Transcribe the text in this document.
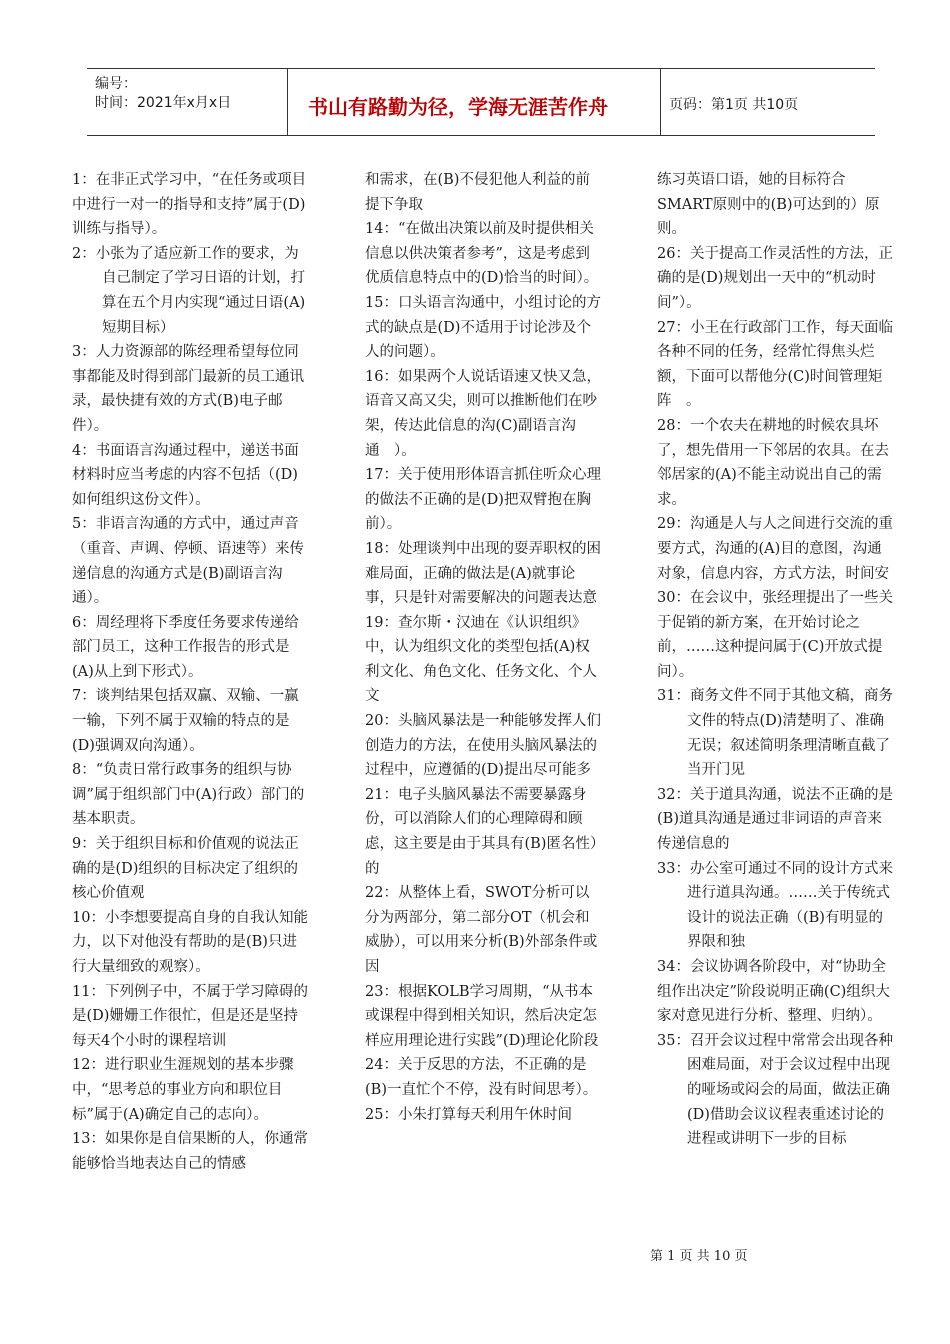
编号：
时间：2021年x月x日	书山有路勤为径，学海无涯苦作舟	页码：第1页 共10页

1：在非正式学习中，“在任务或项目中进行一对一的指导和支持”属于(D)训练与指导）。

2：小张为了适应新工作的要求，为自己制定了学习日语的计划，打算在五个月内实现“通过日语(A)短期目标）

3：人力资源部的陈经理希望每位同事都能及时得到部门最新的员工通讯录，最快捷有效的方式(B)电子邮件）。

4：书面语言沟通过程中，递送书面材料时应当考虑的内容不包括（(D)如何组织这份文件）。

5：非语言沟通的方式中，通过声音（重音、声调、停顿、语速等）来传递信息的沟通方式是(B)副语言沟通）。

6：周经理将下季度任务要求传递给部门员工，这种工作报告的形式是(A)从上到下形式）。

7：谈判结果包括双赢、双输、一赢一输，下列不属于双输的特点的是(D)强调双向沟通）。

8：“负责日常行政事务的组织与协调”属于组织部门中(A)行政）部门的基本职责。

9：关于组织目标和价值观的说法正确的是(D)组织的目标决定了组织的核心价值观

10：小李想要提高自身的自我认知能力，以下对他没有帮助的是(B)只进行大量细致的观察）。

11：下列例子中，不属于学习障碍的是(D)姗姗工作很忙，但是还是坚持每天4个小时的课程培训

12：进行职业生涯规划的基本步骤中，“思考总的事业方向和职位目标”属于(A)确定自己的志向）。

13：如果你是自信果断的人，你通常能够恰当地表达自己的情感

和需求，在(B)不侵犯他人利益的前提下争取

14：“在做出决策以前及时提供相关信息以供决策者参考”，这是考虑到优质信息特点中的(D)恰当的时间）。

15：口头语言沟通中，小组讨论的方式的缺点是(D)不适用于讨论涉及个人的问题）。

16：如果两个人说话语速又快又急，语音又高又尖，则可以推断他们在吵架，传达此信息的沟(C)副语言沟通　）。

17：关于使用形体语言抓住听众心理的做法不正确的是(D)把双臂抱在胸前）。

18：处理谈判中出现的耍弄职权的困难局面，正确的做法是(A)就事论事，只是针对需要解决的问题表达意

19：查尔斯・汉迪在《认识组织》中，认为组织文化的类型包括(A)权利文化、角色文化、任务文化、个人文

20：头脑风暴法是一种能够发挥人们创造力的方法，在使用头脑风暴法的过程中，应遵循的(D)提出尽可能多21：电子头脑风暴法不需要暴露身份，可以消除人们的心理障碍和顾虑，这主要是由于其具有(B)匿名性）的

22：从整体上看，SWOT分析可以分为两部分，第二部分OT（机会和威胁），可以用来分析(B)外部条件或因

23：根据KOLB学习周期，“从书本或课程中得到相关知识，然后决定怎样应用理论进行实践”(D)理论化阶段

24：关于反思的方法，不正确的是(B)一直忙个不停，没有时间思考）。

25：小朱打算每天利用午休时间

练习英语口语，她的目标符合SMART原则中的(B)可达到的）原则。

26：关于提高工作灵活性的方法，正确的是(D)规划出一天中的“机动时间”）。

27：小王在行政部门工作，每天面临各种不同的任务，经常忙得焦头烂额，下面可以帮他分(C)时间管理矩阵　。

28：一个农夫在耕地的时候农具坏了，想先借用一下邻居的农具。在去邻居家的(A)不能主动说出自己的需求。

29：沟通是人与人之间进行交流的重要方式，沟通的(A)目的意图，沟通对象，信息内容，方式方法，时间安

30：在会议中，张经理提出了一些关于促销的新方案，在开始讨论之前，……这种提问属于(C)开放式提问）。

31：商务文件不同于其他文稿，商务文件的特点(D)清楚明了、准确无误；叙述简明条理清晰直截了当开门见

32：关于道具沟通，说法不正确的是(B)道具沟通是通过非词语的声音来传递信息的

33：办公室可通过不同的设计方式来进行道具沟通。……关于传统式设计的说法正确（(B)有明显的界限和独

34：会议协调各阶段中，对“协助全组作出决定”阶段说明正确(C)组织大家对意见进行分析、整理、归纳）。

35：召开会议过程中常常会出现各种困难局面，对于会议过程中出现的哑场或闷会的局面，做法正确(D)借助会议议程表重述讨论的进程或讲明下一步的目标

第 1 页 共 10 页
